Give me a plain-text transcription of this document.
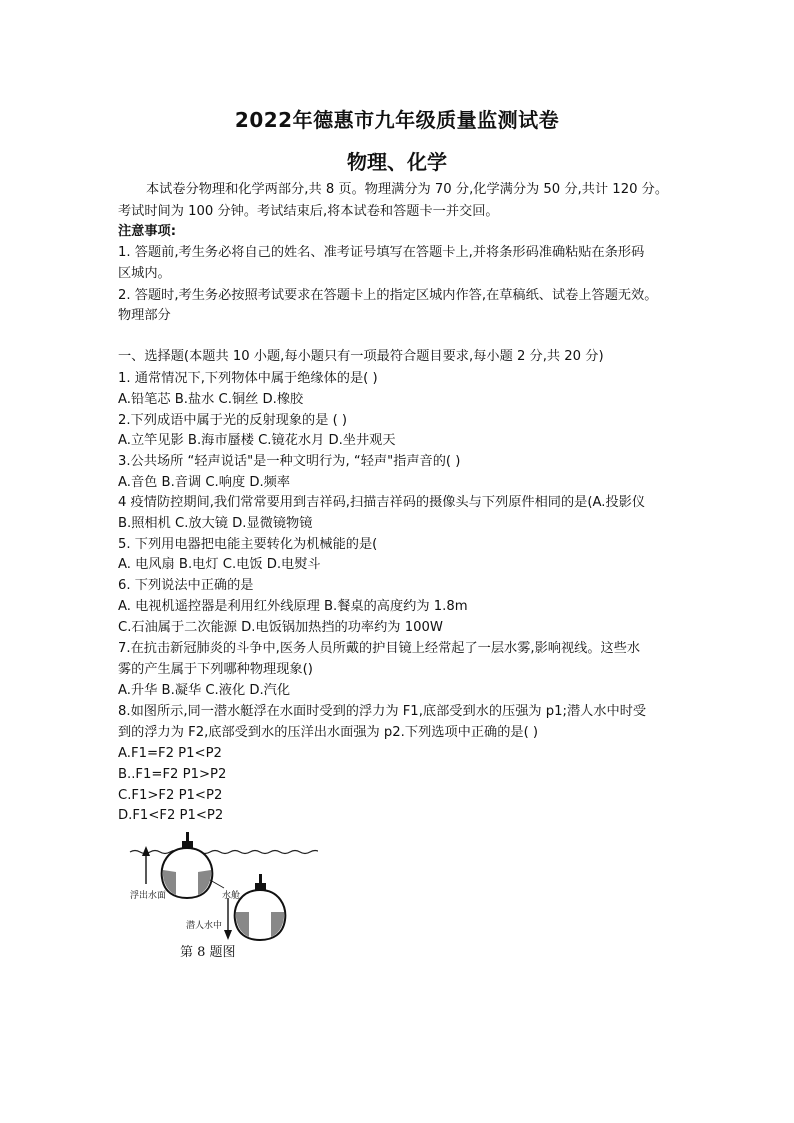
2022年德惠市九年级质量监测试卷
物理、化学
本试卷分物理和化学两部分,共 8 页。物理满分为 70 分,化学满分为 50 分,共计 120 分。
考试时间为 100 分钟。考试结束后,将本试卷和答题卡一并交回。
注意事项:
1. 答题前,考生务必将自己的姓名、准考证号填写在答题卡上,并将条形码准确粘贴在条形码
区城内。
2. 答题时,考生务必按照考试要求在答题卡上的指定区城内作答,在草稿纸、试卷上答题无效。
物理部分
一、选择题(本题共 10 小题,每小题只有一项最符合题目要求,每小题 2 分,共 20 分)
1. 通常情况下,下列物体中属于绝缘体的是( )
A.铅笔芯 B.盐水 C.铜丝 D.橡胶
2.下列成语中属于光的反射现象的是 ( )
A.立竿见影 B.海市蜃楼 C.镜花水月 D.坐井观天
3.公共场所 “轻声说话"是一种文明行为, “轻声"指声音的( )
A.音色 B.音调 C.响度 D.频率
4 疫情防控期间,我们常常要用到吉祥码,扫描吉祥码的摄像头与下列原件相同的是(A.投影仪
B.照相机 C.放大镜 D.显微镜物镜
5. 下列用电器把电能主要转化为机械能的是(
A. 电风扇 B.电灯 C.电饭 D.电熨斗
6. 下列说法中正确的是
A. 电视机遥控器是利用红外线原理 B.餐桌的高度约为 1.8m
C.石油属于二次能源 D.电饭锅加热挡的功率约为 100W
7.在抗击新冠肺炎的斗争中,医务人员所戴的护目镜上经常起了一层水雾,影响视线。这些水
雾的产生属于下列哪种物理现象()
A.升华 B.凝华 C.液化 D.汽化
8.如图所示,同一潜水艇浮在水面时受到的浮力为 F1,底部受到水的压强为 p1;潜人水中时受
到的浮力为 F2,底部受到水的压洋出水面强为 p2.下列选项中正确的是( )
A.F1=F2 P1<P2
B..F1=F2 P1>P2
C.F1>F2 P1<P2
D.F1<F2 P1<P2
浮出水面	水舱
潜人水中
第 8 题图
